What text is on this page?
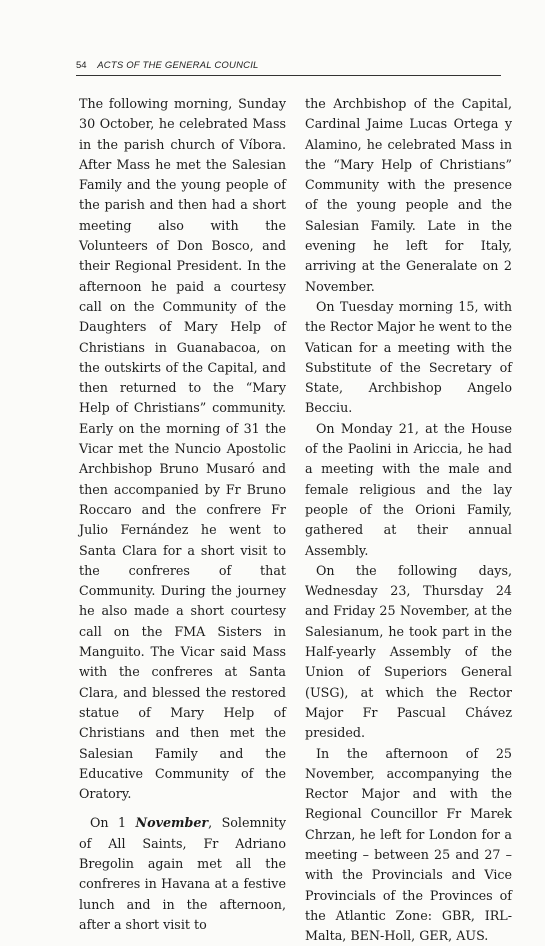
54 ACTS OF THE GENERAL COUNCIL

The following morning, Sunday 30 October, he celebrated Mass in the parish church of Víbora. After Mass he met the Salesian Family and the young people of the parish and then had a short meeting also with the Volunteers of Don Bosco, and their Regional President. In the afternoon he paid a courtesy call on the Community of the Daughters of Mary Help of Christians in Guanabacoa, on the outskirts of the Capital, and then returned to the “Mary Help of Christians” community. Early on the morning of 31 the Vicar met the Nuncio Apostolic Archbishop Bruno Musaró and then accompanied by Fr Bruno Roccaro and the confrere Fr Julio Fernández he went to Santa Clara for a short visit to the confreres of that Community. During the journey he also made a short courtesy call on the FMA Sisters in Manguito. The Vicar said Mass with the confreres at Santa Clara, and blessed the restored statue of Mary Help of Christians and then met the Salesian Family and the Educative Community of the Oratory.

On 1 November, Solemnity of All Saints, Fr Adriano Bregolin again met all the confreres in Havana at a festive lunch and in the afternoon, after a short visit to

the Archbishop of the Capital, Cardinal Jaime Lucas Ortega y Alamino, he celebrated Mass in the “Mary Help of Christians” Community with the presence of the young people and the Salesian Family. Late in the evening he left for Italy, arriving at the Generalate on 2 November.

On Tuesday morning 15, with the Rector Major he went to the Vatican for a meeting with the Substitute of the Secretary of State, Archbishop Angelo Becciu.

On Monday 21, at the House of the Paolini in Ariccia, he had a meeting with the male and female religious and the lay people of the Orioni Family, gathered at their annual Assembly.

On the following days, Wednesday 23, Thursday 24 and Friday 25 November, at the Salesianum, he took part in the Half-yearly Assembly of the Union of Superiors General (USG), at which the Rector Major Fr Pascual Chávez presided.

In the afternoon of 25 November, accompanying the Rector Major and with the Regional Councillor Fr Marek Chrzan, he left for London for a meeting – between 25 and 27 – with the Provincials and Vice Provincials of the Provinces of the Atlantic Zone: GBR, IRL-Malta, BEN-Holl, GER, AUS.
